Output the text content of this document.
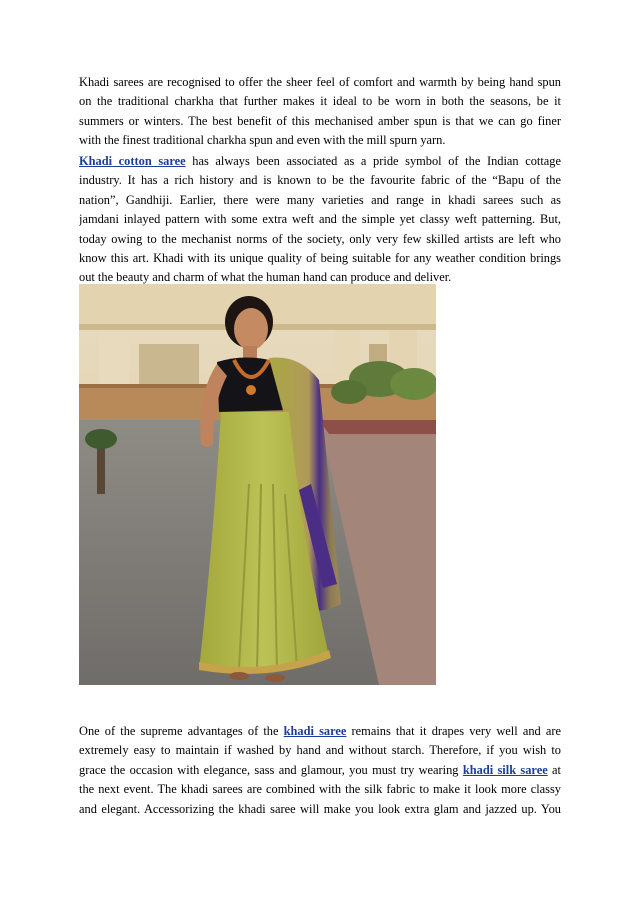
Khadi sarees are recognised to offer the sheer feel of comfort and warmth by being hand spun
on the traditional charkha that further makes it ideal to be worn in both the seasons, be it
summers or winters. The best benefit of this mechanised amber spun is that we can go finer
with the finest traditional charkha spun and even with the mill spurn yarn.
Khadi cotton saree has always been associated as a pride symbol of the Indian cottage
industry. It has a rich history and is known to be the favourite fabric of the “Bapu of the
nation”, Gandhiji. Earlier, there were many varieties and range in khadi sarees such as
jamdani inlayed pattern with some extra weft and the simple yet classy weft patterning. But,
today owing to the mechanist norms of the society, only very few skilled artists are left who
know this art. Khadi with its unique quality of being suitable for any weather condition brings
out the beauty and charm of what the human hand can produce and deliver.
One of the supreme advantages of the khadi saree remains that it drapes very well and are
extremely easy to maintain if washed by hand and without starch. Therefore, if you wish to
grace the occasion with elegance, sass and glamour, you must try wearing khadi silk saree at
the next event. The khadi sarees are combined with the silk fabric to make it look more classy
and elegant. Accessorizing the khadi saree will make you look extra glam and jazzed up. You
